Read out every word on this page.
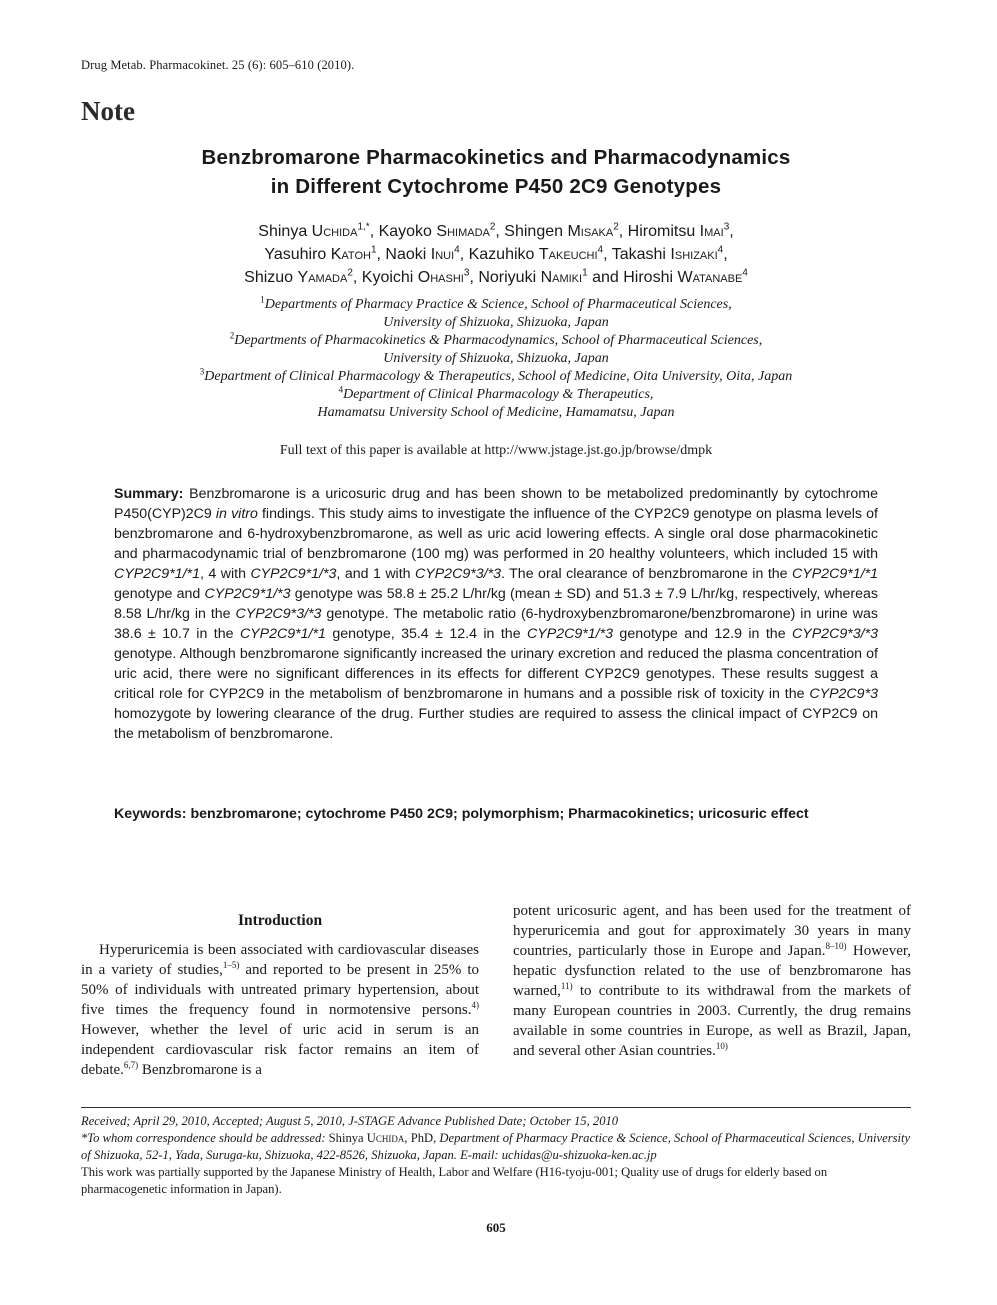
Drug Metab. Pharmacokinet. 25 (6): 605–610 (2010).
Note
Benzbromarone Pharmacokinetics and Pharmacodynamics
in Different Cytochrome P450 2C9 Genotypes
Shinya Uchida$^{1,*}$, Kayoko Shimada$^2$, Shingen Misaka$^2$, Hiromitsu Imai$^3$,
Yasuhiro Katoh$^1$, Naoki Inui$^4$, Kazuhiko Takeuchi$^4$, Takashi Ishizaki$^4$,
Shizuo Yamada$^2$, Kyoichi Ohashi$^3$, Noriyuki Namiki$^1$ and Hiroshi Watanabe$^4$
$^1$Departments of Pharmacy Practice & Science, School of Pharmaceutical Sciences,
University of Shizuoka, Shizuoka, Japan
$^2$Departments of Pharmacokinetics & Pharmacodynamics, School of Pharmaceutical Sciences,
University of Shizuoka, Shizuoka, Japan
$^3$Department of Clinical Pharmacology & Therapeutics, School of Medicine, Oita University, Oita, Japan
$^4$Department of Clinical Pharmacology & Therapeutics,
Hamamatsu University School of Medicine, Hamamatsu, Japan
Full text of this paper is available at http://www.jstage.jst.go.jp/browse/dmpk
Summary: Benzbromarone is a uricosuric drug and has been shown to be metabolized predominantly by cytochrome P450(CYP)2C9 in vitro findings. This study aims to investigate the influence of the CYP2C9 genotype on plasma levels of benzbromarone and 6-hydroxybenzbromarone, as well as uric acid lowering effects. A single oral dose pharmacokinetic and pharmacodynamic trial of benzbromarone (100 mg) was performed in 20 healthy volunteers, which included 15 with CYP2C9*1/*1, 4 with CYP2C9*1/*3, and 1 with CYP2C9*3/*3. The oral clearance of benzbromarone in the CYP2C9*1/*1 genotype and CYP2C9*1/*3 genotype was 58.8 ± 25.2 L/hr/kg (mean ± SD) and 51.3 ± 7.9 L/hr/kg, respectively, whereas 8.58 L/hr/kg in the CYP2C9*3/*3 genotype. The metabolic ratio (6-hydroxybenzbromarone/benzbromarone) in urine was 38.6 ± 10.7 in the CYP2C9*1/*1 genotype, 35.4 ± 12.4 in the CYP2C9*1/*3 genotype and 12.9 in the CYP2C9*3/*3 genotype. Although benzbromarone significantly increased the urinary excretion and reduced the plasma concentration of uric acid, there were no significant differences in its effects for different CYP2C9 genotypes. These results suggest a critical role for CYP2C9 in the metabolism of benzbromarone in humans and a possible risk of toxicity in the CYP2C9*3 homozygote by lowering clearance of the drug. Further studies are required to assess the clinical impact of CYP2C9 on the metabolism of benzbromarone.
Keywords: benzbromarone; cytochrome P450 2C9; polymorphism; Pharmacokinetics; uricosuric effect
Introduction

Hyperuricemia is been associated with cardiovascular diseases in a variety of studies,$^{1-5)}$ and reported to be present in 25% to 50% of individuals with untreated primary hypertension, about five times the frequency found in normotensive persons.$^{4)}$ However, whether the level of uric acid in serum is an independent cardiovascular risk factor remains an item of debate.$^{6,7)}$ Benzbromarone is a

potent uricosuric agent, and has been used for the treatment of hyperuricemia and gout for approximately 30 years in many countries, particularly those in Europe and Japan.$^{8-10)}$ However, hepatic dysfunction related to the use of benzbromarone has warned,$^{11)}$ to contribute to its withdrawal from the markets of many European countries in 2003. Currently, the drug remains available in some countries in Europe, as well as Brazil, Japan, and several other Asian countries.$^{10)}$

Received; April 29, 2010, Accepted; August 5, 2010, J-STAGE Advance Published Date; October 15, 2010
*To whom correspondence should be addressed: Shinya Uchida, PhD, Department of Pharmacy Practice & Science, School of Pharmaceutical Sciences, University of Shizuoka, 52-1, Yada, Suruga-ku, Shizuoka, 422-8526, Shizuoka, Japan. E-mail: uchidas@u-shizuoka-ken.ac.jp
This work was partially supported by the Japanese Ministry of Health, Labor and Welfare (H16-tyoju-001; Quality use of drugs for elderly based on pharmacogenetic information in Japan).
605
